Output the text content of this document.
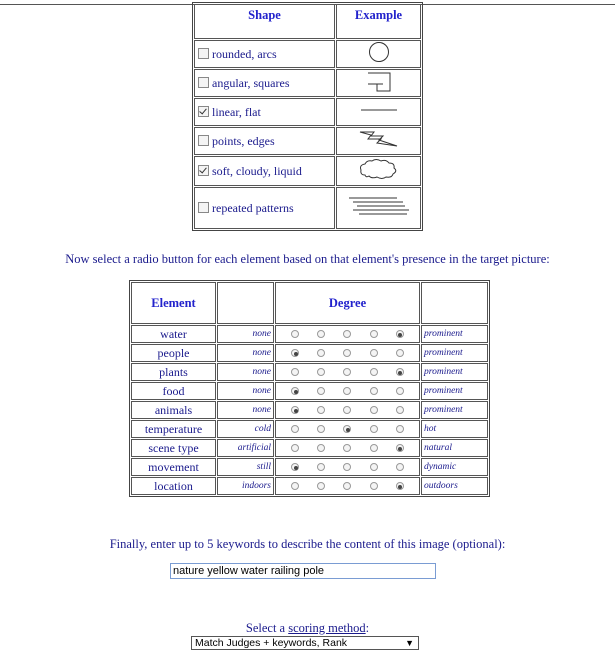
Shape	Example
rounded, arcs	
angular, squares	
linear, flat	
points, edges	
soft, cloudy, liquid	
repeated patterns	
Now select a radio button for each element based on that element's presence in the target picture:
Element		Degree	
water	none		prominent
people	none		prominent
plants	none		prominent
food	none		prominent
animals	none		prominent
temperature	cold		hot
scene type	artificial		natural
movement	still		dynamic
location	indoors		outdoors
Finally, enter up to 5 keywords to describe the content of this image (optional):
nature yellow water railing pole
Select a scoring method:
Match Judges + keywords, Rank	▼
